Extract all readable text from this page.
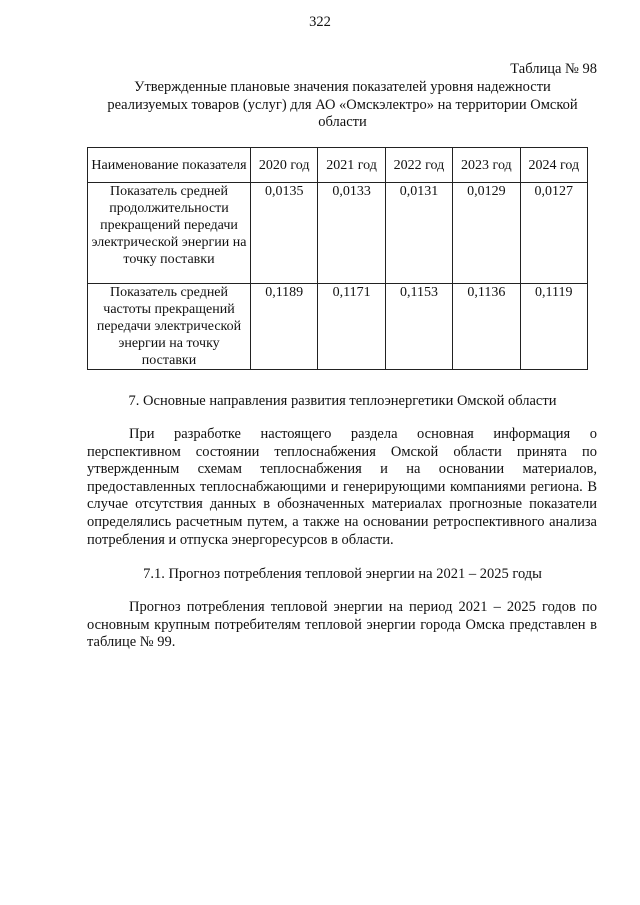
322
Таблица № 98
Утвержденные плановые значения показателей уровня надежности реализуемых товаров (услуг) для АО «Омскэлектро» на территории Омской области
Наименование показателя	2020 год	2021 год	2022 год	2023 год	2024 год
Показатель средней продолжительности прекращений передачи электрической энергии на точку поставки	0,0135	0,0133	0,0131	0,0129	0,0127
Показатель средней частоты прекращений передачи электрической энергии на точку поставки	0,1189	0,1171	0,1153	0,1136	0,1119
7. Основные направления развития теплоэнергетики Омской области

При разработке настоящего раздела основная информация о перспективном состоянии теплоснабжения Омской области принята по утвержденным схемам теплоснабжения и на основании материалов, предоставленных теплоснабжающими и генерирующими компаниями региона. В случае отсутствия данных в обозначенных материалах прогнозные показатели определялись расчетным путем, а также на основании ретроспективного анализа потребления и отпуска энергоресурсов в области.

7.1. Прогноз потребления тепловой энергии на 2021 – 2025 годы

Прогноз потребления тепловой энергии на период 2021 – 2025 годов по основным крупным потребителям тепловой энергии города Омска представлен в таблице № 99.
